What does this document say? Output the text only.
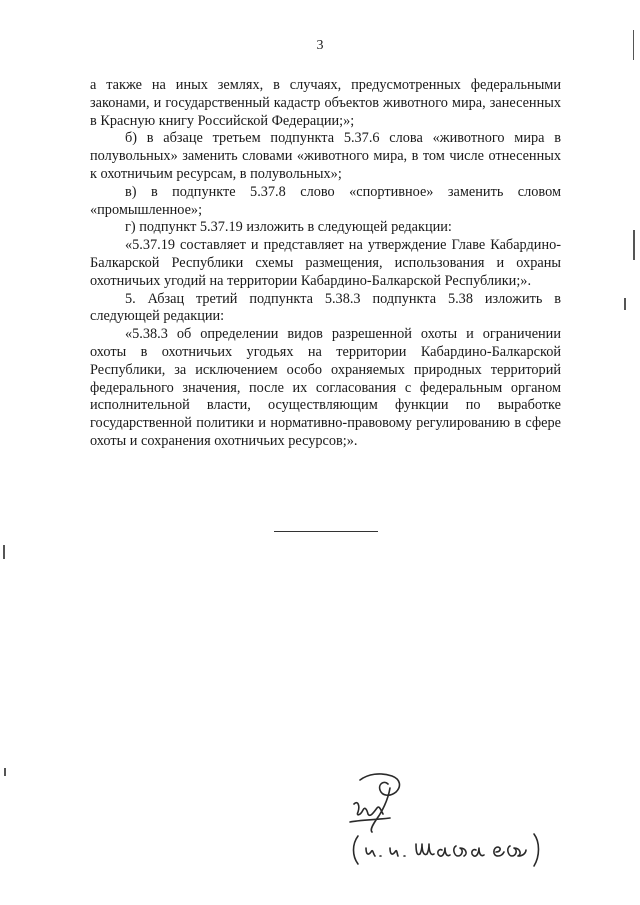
3

а также на иных землях, в случаях, предусмотренных федеральными законами, и государственный кадастр объектов животного мира, занесенных в Красную книгу Российской Федерации;»;

б) в абзаце третьем подпункта 5.37.6 слова «животного мира в полувольных» заменить словами «животного мира, в том числе отнесенных к охотничьим ресурсам, в полувольных»;

в) в подпункте 5.37.8 слово «спортивное» заменить словом «промышленное»;

г) подпункт 5.37.19 изложить в следующей редакции:

«5.37.19 составляет и представляет на утверждение Главе Кабардино-Балкарской Республики схемы размещения, использования и охраны охотничьих угодий на территории Кабардино-Балкарской Республики;».

5. Абзац третий подпункта 5.38.3 подпункта 5.38 изложить в следующей редакции:

«5.38.3 об определении видов разрешенной охоты и ограничении охоты в охотничьих угодьях на территории Кабардино-Балкарской Республики, за исключением особо охраняемых природных территорий федерального значения, после их согласования с федеральным органом исполнительной власти, осуществляющим функции по выработке государственной политики и нормативно-правовому регулированию в сфере охоты и сохранения охотничьих ресурсов;».
